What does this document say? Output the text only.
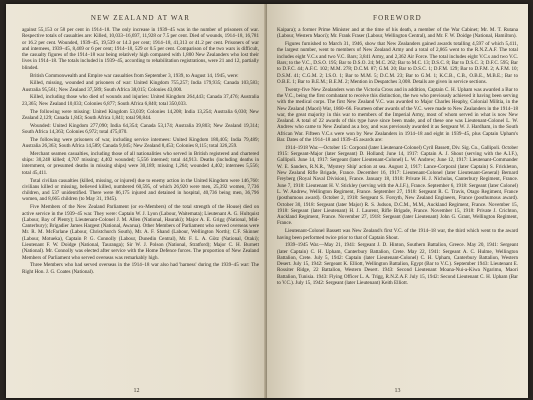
NEW ZEALAND AT WAR

against 55,153 or 58 per cent in 1914–18. The only increase in 1939–45 was in the number of prisoners of war. Respective totals of casualties are: Killed, 10,033–16,697, 11,928 or 7.5 per cent. Died of wounds, 1914–18, 16,781 or 16.2 per cent. Wounded, 1939–45, 19,539 or 14.3 per cent; 1914–18, 41,313 or 41.2 per cent. Prisoners of war and internees, 1939–45, 8,469 or 6 per cent; 1914–18, 529 or 0.5 per cent. Comparison of the two wars is difficult, the casualty figures of the 1914–18 war being relatively high compared with 1,800 New Zealanders who lost their lives in 1914–18. The totals included in 1939–45, according to rehabilitation registrations, were 21 and 12, partially blinded.

British Commonwealth and Empire war casualties from September 3, 1939, to August 14, 1945, were:

Killed, missing, wounded and prisoners of war: United Kingdom 755,257; India 179,935; Canada 103,583; Australia 95,561; New Zealand 37,589; South Africa 38,015; Colonies 43,000.

Killed, including those who died of wounds and injuries: United Kingdom 264,443; Canada 37,476; Australia 23,365; New Zealand 10,033; Colonies 6,877; South Africa 6,840; total 350,033.

The following were missing: United Kingdom 53,039; Colonies 14,208; India 13,254; Australia 6,030; New Zealand 2,129; Canada 1,843; South Africa 1,841; total 90,844.

Wounded: United Kingdom 277,090; India 64,354; Canada 53,174; Australia 39,803; New Zealand 19,314; South Africa 14,363; Colonies 6,972; total 475,070.

The following were prisoners of war, including service internees: United Kingdom 180,405; India 79,489; Australia 26,363; South Africa 14,589; Canada 9,045; New Zealand 8,453; Colonies 8,115; total 326,259.

Merchant seamen casualties, including those of all nationalities who served in British registered and chartered ships: 30,248 killed; 4,707 missing; 4,402 wounded; 5,556 interned; total 44,913. Deaths (including deaths in internment, or presumed deaths in missing ships) were 30,189; missing 1,264; wounded 4,402; internees 5,556; total 45,411.

Total civilian casualties (killed, missing, or injured) due to enemy action in the United Kingdom were 146,760: civilians killed or missing, believed killed, numbered 60,595, of which 26,920 were men, 25,392 women, 7,736 children, and 537 unidentified. There were 86,175 injured and detained in hospital, 40,736 being men, 36,796 women, and 8,665 children (to May 31, 1945).

Five Members of the New Zealand Parliament (or ex-Members) of the total strength of the House) died on active service in the 1939–45 war. They were: Captain W. J. Lyon (Labour, Waitemata); Lieutenant A. G. Hultquist (Labour, Bay of Plenty); Lieutenant-Colonel J. M. Allen (National, Hauraki); Major A. E. Grigg (National, Mid-Canterbury); Brigadier James Hargest (National, Awarua). Other Members of Parliament who served overseas were Mr. R. M. McFarlane (Labour, Christchurch South), Mr. A. F. Shand (Labour, Wellington North); C.F. Skinner (Labour, Motueka), Captain P. G. Connolly (Labour, Dunedin Central), Mr. F. L. A. Götz (National, Otaki); Lieutenant F. W. Doidge (National, Tauranga); Sir W. J. Polson (National, Stratford); Major C. H. Burnett (National). Mr. Connolly was elected after service with the Home Defence forces. The proportion of New Zealand Members of Parliament who served overseas was remarkably high.

Three Members who had served overseas in the 1914–18 war also had 'harness' during the 1939–45 war: The Right Hon. J. G. Coates (National).

12
FOREWORD

Kaipara); a former Prime Minister and at the time of his death, a member of the War Cabinet; Mr. M. T. Rutana (Labour, Western Maori); Mr. Frank Fraser (Labour, Wellington Central), and Mr. F. W. Doidge (National, Hamilton).

Figures furnished to March 31, 1946, show that New Zealanders gained awards totalling 4,597 of which 5,411, the largest number, went to members of New Zealand Army and a total of 2,865 went to the R.N.Z.A.F. The total includes eight V.C.s and two V.C. Bars; 3,841 Army, and 2,362 Air Force. The total includes eight V.C.s and two V.C. Bars; to the V.C., D.S.O. 195; Bar to D.S.O. 24; M.C. 262; Bar to M.C. 13; D.S.C. 8; Bar to D.S.C. 3; D.F.C. 595; Bar to D.F.C. 44; A.F.C. 102; M.M. 278; D.C.M. 87; G.M. 20; Bar to D.S.C. 1; D.F.M. 129; Bar to D.F.M. 2; A.F.M. 10; D.S.M. 41; C.G.M. 2; I.S.O. 1; Bar to M.M. 5; D.C.M. 23; Bar to G.M. 1; K.C.B., C.B., O.B.E., M.B.E.; Bar to O.B.E. 1; Bar to B.E.M.; B.E.M. 2; Mention in Despatches 3,008. Details are given in service sections.

Twenty-five New Zealanders won the Victoria Cross and in addition, Captain C. H. Upham was awarded a Bar to the V.C., being the first combatant to receive this distinction, the two who previously achieved it having been serving with the medical corps. The first New Zealand V.C. was awarded to Major Charles Heaphy, Colonial Militia, in the New Zealand (Maori) War, 1860–66. Fourteen other awards of the V.C. were made to New Zealanders in the 1914–18 war, the great majority in this war to members of the Imperial Army, most of whom served in what is now New Zealand. A total of 22 awards of this type have since been made, and of these one was Lieutenant-Colonel L. W. Andrew who came to New Zealand as a boy, and was previously awarded it as Sergeant W. J. Hardham, in the South African War. Fifteen V.C.s were won by New Zealanders in 1914–18 and eight in 1939–45, plus Captain Upham's Bar. Dates of the 1914–18 and 1939–45 awards are:

1914–1918 War.—October 15: Corporal (later Lieutenant-Colonel) Cyril Bassett, Div. Sig. Co., Gallipoli. October 1915: Sergeant-Major (later Sergeant) D. Holland; June 14, 1917: Captain A. J. Shout (serving with the A.I.F.), Gallipoli. June 14, 1917: Sergeant (later Lieutenant-Colonel) L. W. Andrew; June 12, 1917: Lieutenant-Commander W. E. Sanders, R.N.R., 'Mystery Ship' action at sea. August 2, 1917: Lance-Corporal (later Captain) S. Frickleton, New Zealand Rifle Brigade, France. December 16, 1917: Lieutenant-Colonel (later Lieutenant-General) Bernard Freyberg (Royal Naval Division), France. January 18, 1918: Private H. J. Nicholas, Canterbury Regiment, France. June 7, 1918: Lieutenant H. V. Stickley (serving with the A.I.F.), France. September 6, 1918: Sergeant (later Colonel) L. W. Andrew, Wellington Regiment, France. September 27, 1918: Sergeant R. C. Travis, Otago Regiment, France (posthumous award). October 2, 1918: Sergeant S. Forsyth, New Zealand Engineers, France (posthumous award). October 30, 1918: Sergeant (later Major) R. S. Judson, D.C.M., M.M., Auckland Regiment, France. November 15, 1918: Sergeant (later Lieutenant) H. J. Laurent, Rifle Brigade, France. November 15, 1918: Private J. Crichton, Auckland Regiment, France. November 27, 1918: Sergeant (later Lieutenant) John G. Grant, Wellington Regiment, France.

Lieutenant-Colonel Bassett was New Zealand's first V.C. of the 1914–18 war, the third which went to the award having been performed twice prior to that of Captain Shout.

1939–1945 War.—May 21, 1941: Sergeant J. D. Hinton, Southern Battalion, Greece. May 20, 1941: Sergeant (later Captain) C. H. Upham, Canterbury Battalion, Crete. May 22, 1941: Sergeant A. C. Hulme, Wellington Battalion, Crete. July 5, 1942: Captain (later Lieutenant-Colonel) C. H. Upham, Canterbury Battalion, Western Desert. July 15, 1942: Sergeant K. Elliott, Wellington Battalion, Egypt (Bar to V.C.). September 1943: Lieutenant E. Rossiter Ridge, 22 Battalion, Western Desert. 1943: Second Lieutenant Moana-Nui-a-Kiwa Ngarimu, Maori Battalion, Tunisia. 1943: Flying Officer L. A. Trigg, R.N.Z.A.F. July 15, 1942: Second Lieutenant C. H. Upham (Bar to V.C.). July 15, 1942: Sergeant (later Lieutenant) Keith Elliott.

13
